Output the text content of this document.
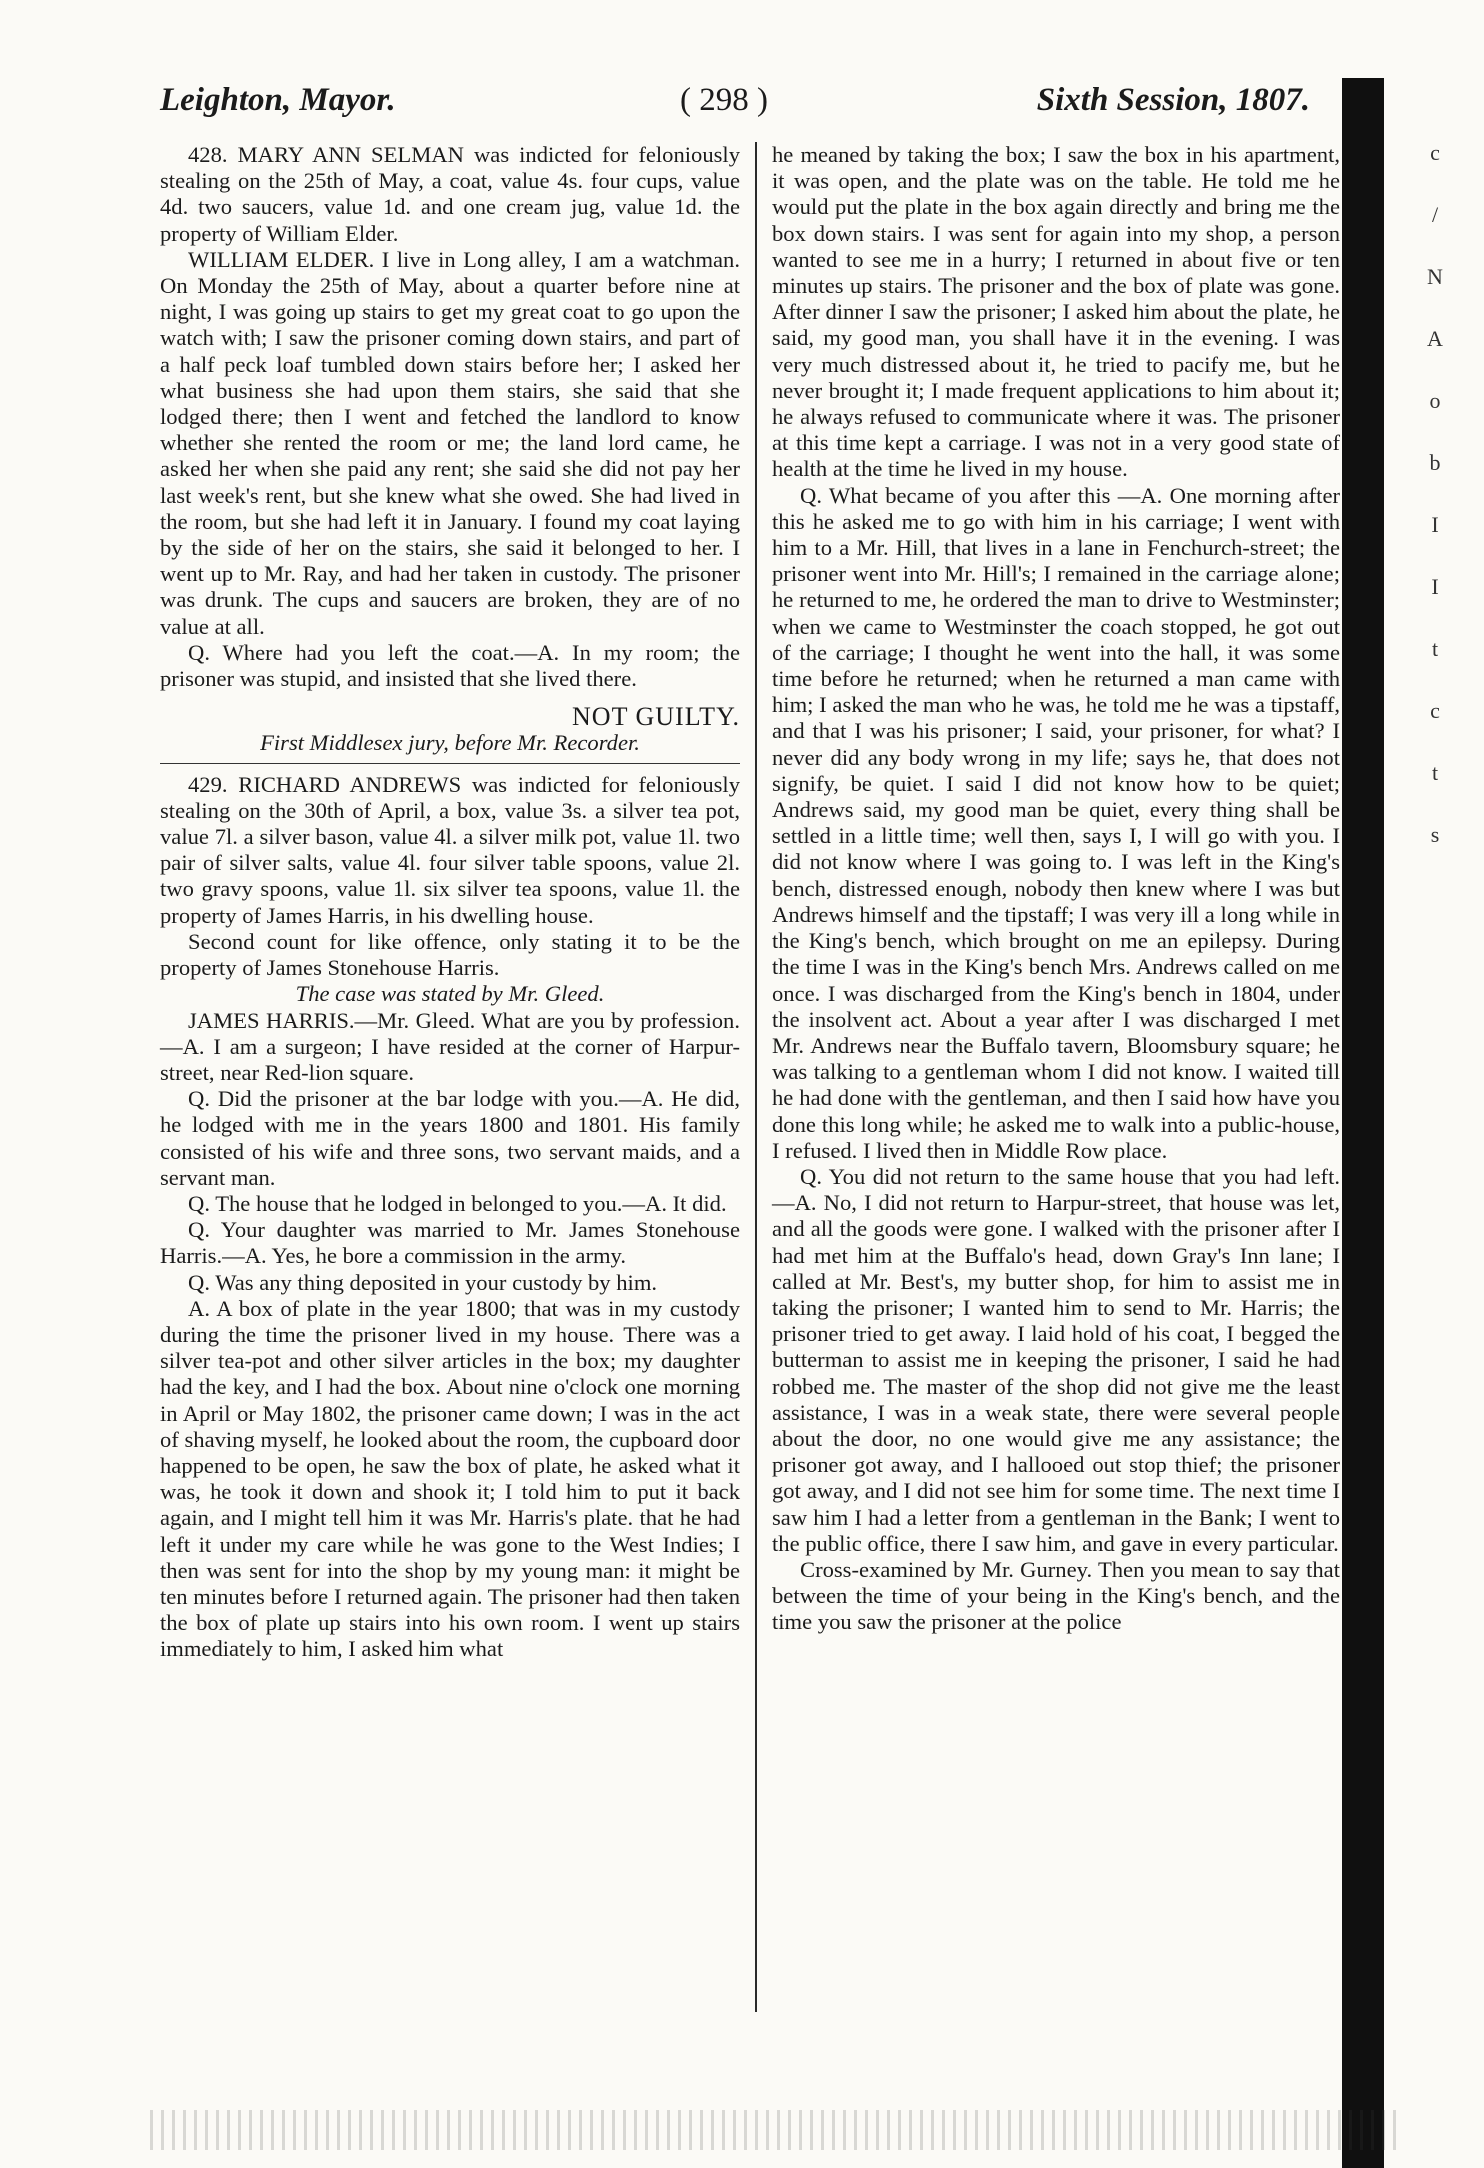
Leighton, Mayor.	( 298 )	Sixth Session, 1807.
c
/
N
A
o
b
I
I
t
c
t
s

428. MARY ANN SELMAN was indicted for feloniously stealing on the 25th of May, a coat, value 4s. four cups, value 4d. two saucers, value 1d. and one cream jug, value 1d. the property of William Elder.

WILLIAM ELDER. I live in Long alley, I am a watchman. On Monday the 25th of May, about a quarter before nine at night, I was going up stairs to get my great coat to go upon the watch with; I saw the prisoner coming down stairs, and part of a half peck loaf tumbled down stairs before her; I asked her what business she had upon them stairs, she said that she lodged there; then I went and fetched the landlord to know whether she rented the room or me; the land lord came, he asked her when she paid any rent; she said she did not pay her last week's rent, but she knew what she owed. She had lived in the room, but she had left it in January. I found my coat laying by the side of her on the stairs, she said it belonged to her. I went up to Mr. Ray, and had her taken in custody. The prisoner was drunk. The cups and saucers are broken, they are of no value at all.

Q. Where had you left the coat.—A. In my room; the prisoner was stupid, and insisted that she lived there.

NOT GUILTY.

First Middlesex jury, before Mr. Recorder.

429. RICHARD ANDREWS was indicted for feloniously stealing on the 30th of April, a box, value 3s. a silver tea pot, value 7l. a silver bason, value 4l. a silver milk pot, value 1l. two pair of silver salts, value 4l. four silver table spoons, value 2l. two gravy spoons, value 1l. six silver tea spoons, value 1l. the property of James Harris, in his dwelling house.

Second count for like offence, only stating it to be the property of James Stonehouse Harris.

The case was stated by Mr. Gleed.

JAMES HARRIS.—Mr. Gleed. What are you by profession.—A. I am a surgeon; I have resided at the corner of Harpur-street, near Red-lion square.

Q. Did the prisoner at the bar lodge with you.—A. He did, he lodged with me in the years 1800 and 1801. His family consisted of his wife and three sons, two servant maids, and a servant man.

Q. The house that he lodged in belonged to you.—A. It did.

Q. Your daughter was married to Mr. James Stonehouse Harris.—A. Yes, he bore a commission in the army.

Q. Was any thing deposited in your custody by him.

A. A box of plate in the year 1800; that was in my custody during the time the prisoner lived in my house. There was a silver tea-pot and other silver articles in the box; my daughter had the key, and I had the box. About nine o'clock one morning in April or May 1802, the prisoner came down; I was in the act of shaving myself, he looked about the room, the cupboard door happened to be open, he saw the box of plate, he asked what it was, he took it down and shook it; I told him to put it back again, and I might tell him it was Mr. Harris's plate. that he had left it under my care while he was gone to the West Indies; I then was sent for into the shop by my young man: it might be ten minutes before I returned again. The prisoner had then taken the box of plate up stairs into his own room. I went up stairs immediately to him, I asked him what

he meaned by taking the box; I saw the box in his apartment, it was open, and the plate was on the table. He told me he would put the plate in the box again directly and bring me the box down stairs. I was sent for again into my shop, a person wanted to see me in a hurry; I returned in about five or ten minutes up stairs. The prisoner and the box of plate was gone. After dinner I saw the prisoner; I asked him about the plate, he said, my good man, you shall have it in the evening. I was very much distressed about it, he tried to pacify me, but he never brought it; I made frequent applications to him about it; he always refused to communicate where it was. The prisoner at this time kept a carriage. I was not in a very good state of health at the time he lived in my house.

Q. What became of you after this —A. One morning after this he asked me to go with him in his carriage; I went with him to a Mr. Hill, that lives in a lane in Fenchurch-street; the prisoner went into Mr. Hill's; I remained in the carriage alone; he returned to me, he ordered the man to drive to Westminster; when we came to Westminster the coach stopped, he got out of the carriage; I thought he went into the hall, it was some time before he returned; when he returned a man came with him; I asked the man who he was, he told me he was a tipstaff, and that I was his prisoner; I said, your prisoner, for what? I never did any body wrong in my life; says he, that does not signify, be quiet. I said I did not know how to be quiet; Andrews said, my good man be quiet, every thing shall be settled in a little time; well then, says I, I will go with you. I did not know where I was going to. I was left in the King's bench, distressed enough, nobody then knew where I was but Andrews himself and the tipstaff; I was very ill a long while in the King's bench, which brought on me an epilepsy. During the time I was in the King's bench Mrs. Andrews called on me once. I was discharged from the King's bench in 1804, under the insolvent act. About a year after I was discharged I met Mr. Andrews near the Buffalo tavern, Bloomsbury square; he was talking to a gentleman whom I did not know. I waited till he had done with the gentleman, and then I said how have you done this long while; he asked me to walk into a public-house, I refused. I lived then in Middle Row place.

Q. You did not return to the same house that you had left.—A. No, I did not return to Harpur-street, that house was let, and all the goods were gone. I walked with the prisoner after I had met him at the Buffalo's head, down Gray's Inn lane; I called at Mr. Best's, my butter shop, for him to assist me in taking the prisoner; I wanted him to send to Mr. Harris; the prisoner tried to get away. I laid hold of his coat, I begged the butterman to assist me in keeping the prisoner, I said he had robbed me. The master of the shop did not give me the least assistance, I was in a weak state, there were several people about the door, no one would give me any assistance; the prisoner got away, and I hallooed out stop thief; the prisoner got away, and I did not see him for some time. The next time I saw him I had a letter from a gentleman in the Bank; I went to the public office, there I saw him, and gave in every particular.

Cross-examined by Mr. Gurney. Then you mean to say that between the time of your being in the King's bench, and the time you saw the prisoner at the police
